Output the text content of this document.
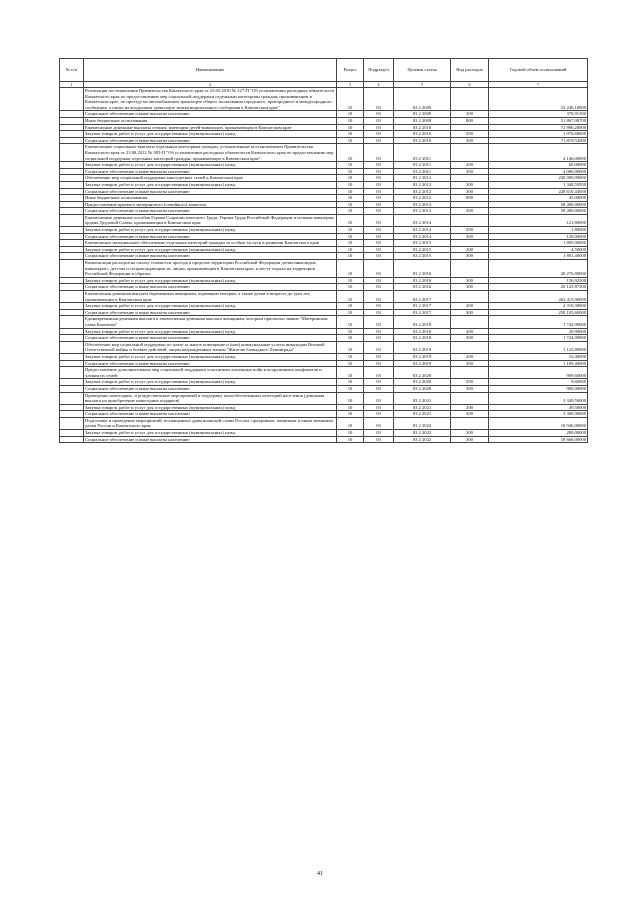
№ п/п	Наименование	Раздел	Подраздел	Целевая статья	Вид расходов	Годовой объем ассигнований
1	2	3	4	5	6	7
	Реализация постановления Правительства Камчатского края от 23.03.2010 № 127-П "Об установлении расходных обязательств Камчатского края по предоставлению мер социальной поддержки отдельным категориям граждан, проживающим в Камчатском крае, по проезду на автомобильном транспорте общего пользования городского, пригородного и междугородного сообщения, а также на воздушном транспорте межмуниципального сообщения в Камчатском крае"	10	03	03 2 2009		52 246,10000
	Социальное обеспечение и иные выплаты населению	10	03	03 2 2009	300	378,01300
	Иные бюджетные ассигнования	10	03	03 2 2009	800	51 867,08700
	Ежемесячные денежные выплаты семьям, имеющим детей-инвалидов, проживающим в Камчатском крае	10	03	03 2 2010		72 896,20000
	Закупка товаров, работ и услуг для государственных (муниципальных) нужд	10	03	03 2 2010	200	1 076,68000
	Социальное обеспечение и иные выплаты населению	10	03	03 2 2010	300	71 819,52000
	Ежемесячные социальные выплаты отдельным категориям граждан, установленные постановлением Правительства Камчатского края от 23.08.2012 № 385-П "Об установлении расходных обязательств Камчатского края по предоставлению мер социальной поддержки отдельных категорий граждан, проживающих в Камчатском крае"	10	03	03 2 2011		4 146,00000
	Закупка товаров, работ и услуг для государственных (муниципальных) нужд	10	03	03 2 2011	200	60,00000
	Социальное обеспечение и иные выплаты населению	10	03	03 2 2011	300	4 086,00000
	Обеспечение мер социальной поддержки многодетных семей в Камчатском крае	10	03	03 2 2012		230 000,00000
	Закупка товаров, работ и услуг для государственных (муниципальных) нужд	10	03	03 2 2012	200	1 348,55950
	Социальное обеспечение и иные выплаты населению	10	03	03 2 2012	300	228 610,44050
	Иные бюджетные ассигнования	10	03	03 2 2012	800	45,00000
	Предоставление краевого материнского (семейного) капитала	10	03	03 2 2013		58 400,00000
	Социальное обеспечение и иные выплаты населению	10	03	03 2 2013	300	58 400,00000
	Ежемесячные денежные пособия Героям Социалистического Труда, Героям Труда Российской Федерации и полным кавалерам ордена Трудовой Славы, проживающим в Камчатском крае	10	03	03 2 2014		121,80000
	Закупка товаров, работ и услуг для государственных (муниципальных) нужд	10	03	03 2 2014	200	1,80000
	Социальное обеспечение и иные выплаты населению	10	03	03 2 2014	300	120,00000
	Ежемесячное материальное обеспечение отдельных категорий граждан за особые заслуги в развитии Камчатского края	10	03	03 2 2015		1 805,90000
	Закупка товаров, работ и услуг для государственных (муниципальных) нужд	10	03	03 2 2015	200	4,50000
	Социальное обеспечение и иные выплаты населению	10	03	03 2 2015	300	1 801,40000
	Компенсация расходов на оплату стоимости проезда в пределах территории Российской Федерации детям-инвалидам, инвалидам с детства и сопровождающим их лицам, проживающим в Камчатском крае, к месту отдыха на территории Российской Федерации и обратно	10	03	03 2 2016		20 276,80000
	Закупка товаров, работ и услуг для государственных (муниципальных) нужд	10	03	03 2 2016	200	150,92500
	Социальное обеспечение и иные выплаты населению	10	03	03 2 2016	300	20 125,87500
	Ежемесячная денежная выплата беременным женщинам, кормящим матерям, а также детям в возрасте до трех лет, проживающим в Камчатском крае	10	03	03 2 2017		262 415,90000
	Закупка товаров, работ и услуг для государственных (муниципальных) нужд	10	03	03 2 2017	200	4 310,30000
	Социальное обеспечение и иные выплаты населению	10	03	03 2 2017	300	258 105,60000
	Единовременная денежная выплата и ежемесячная денежная выплата женщинам, которым присвоено звание "Материнская слава Камчатки"	10	03	03 2 2018		1 744,90000
	Закупка товаров, работ и услуг для государственных (муниципальных) нужд	10	03	03 2 2018	200	20,90000
	Социальное обеспечение и иные выплаты населению	10	03	03 2 2018	300	1 724,00000
	Обеспечение мер социальной поддержки по плате за жилое помещение и (или) коммунальные услуги инвалидам Великой Отечественной войны и боевых действий, лицам награжденным знаком "Жителю блокадного Ленинграда"	10	03	03 2 2019		1 125,80000
	Закупка товаров, работ и услуг для государственных (муниципальных) нужд	10	03	03 2 2019	200	16,40000
	Социальное обеспечение и иные выплаты населению	10	03	03 2 2019	300	1 109,40000
	Предоставление дополнительных мер социальной поддержки участникам локальных войн и вооруженных конфликтов и членам их семей	10	03	03 2 2020		909,60000
	Закупка товаров, работ и услуг для государственных (муниципальных) нужд	10	03	03 2 2020	200	9,60000
	Социальное обеспечение и иные выплаты населению	10	03	03 2 2020	300	900,00000
	Проведение новогодних, и рождественских мероприятий в поддержку малообеспеченных категорий населения (денежная выплата на приобретение новогодних подарков)	10	03	03 2 2021		3 349,50000
	Закупка товаров, работ и услуг для государственных (муниципальных) нужд	10	03	03 2 2021	200	49,50000
	Социальное обеспечение и иные выплаты населению	10	03	03 2 2021	300	3 300,00000
	Подготовка и проведение мероприятий, посвященных дням воинской славы России, праздникам, памятным и иным значимым датам России и Камчатского края	10	03	03 2 2022		18 946,00000
	Закупка товаров, работ и услуг для государственных (муниципальных) нужд	10	03	03 2 2022	200	280,00000
	Социальное обеспечение и иные выплаты населению	10	03	03 2 2022	300	18 666,00000
41
